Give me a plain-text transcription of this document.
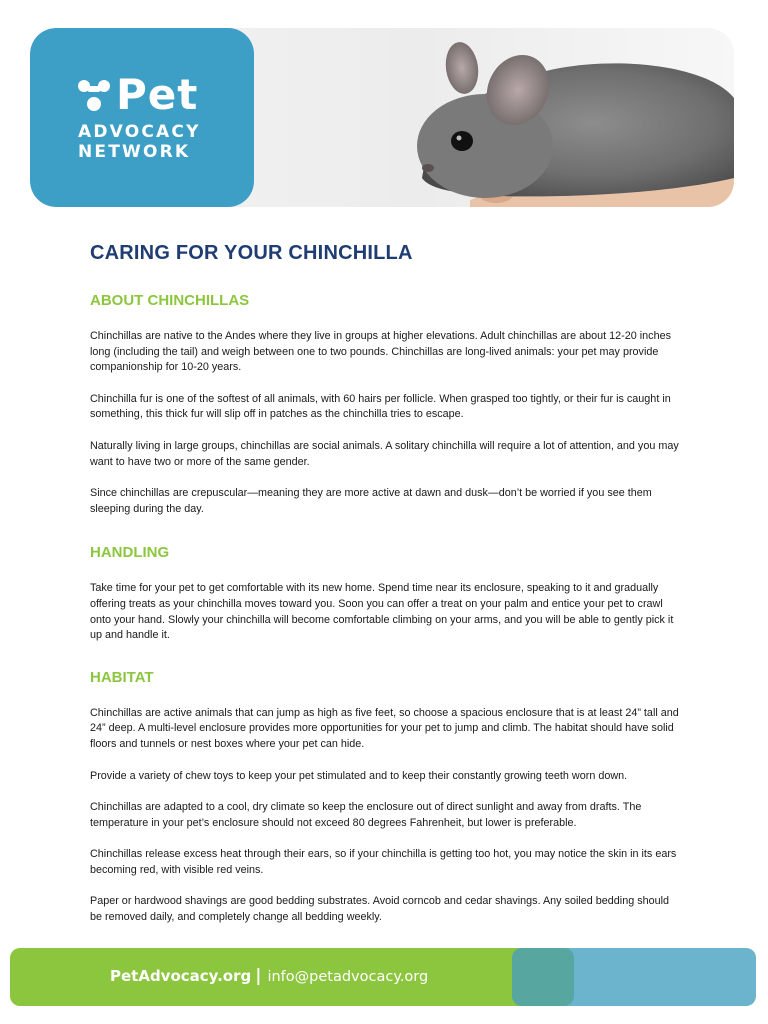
Pet
ADVOCACY
NETWORK
CARING FOR YOUR CHINCHILLA
ABOUT CHINCHILLAS

Chinchillas are native to the Andes where they live in groups at higher elevations. Adult chinchillas are about 12-20 inches long (including the tail) and weigh between one to two pounds. Chinchillas are long-lived animals: your pet may provide companionship for 10-20 years.

Chinchilla fur is one of the softest of all animals, with 60 hairs per follicle. When grasped too tightly, or their fur is caught in something, this thick fur will slip off in patches as the chinchilla tries to escape.

Naturally living in large groups, chinchillas are social animals. A solitary chinchilla will require a lot of attention, and you may want to have two or more of the same gender.

Since chinchillas are crepuscular—meaning they are more active at dawn and dusk—don’t be worried if you see them sleeping during the day.

HANDLING

Take time for your pet to get comfortable with its new home. Spend time near its enclosure, speaking to it and gradually offering treats as your chinchilla moves toward you. Soon you can offer a treat on your palm and entice your pet to crawl onto your hand. Slowly your chinchilla will become comfortable climbing on your arms, and you will be able to gently pick it up and handle it.

HABITAT

Chinchillas are active animals that can jump as high as five feet, so choose a spacious enclosure that is at least 24” tall and 24” deep. A multi-level enclosure provides more opportunities for your pet to jump and climb. The habitat should have solid floors and tunnels or nest boxes where your pet can hide.

Provide a variety of chew toys to keep your pet stimulated and to keep their constantly growing teeth worn down.

Chinchillas are adapted to a cool, dry climate so keep the enclosure out of direct sunlight and away from drafts. The temperature in your pet’s enclosure should not exceed 80 degrees Fahrenheit, but lower is preferable.

Chinchillas release excess heat through their ears, so if your chinchilla is getting too hot, you may notice the skin in its ears becoming red, with visible red veins.

Paper or hardwood shavings are good bedding substrates. Avoid corncob and cedar shavings. Any soiled bedding should be removed daily, and completely change all bedding weekly.

PetAdvocacy.org | info@petadvocacy.org
